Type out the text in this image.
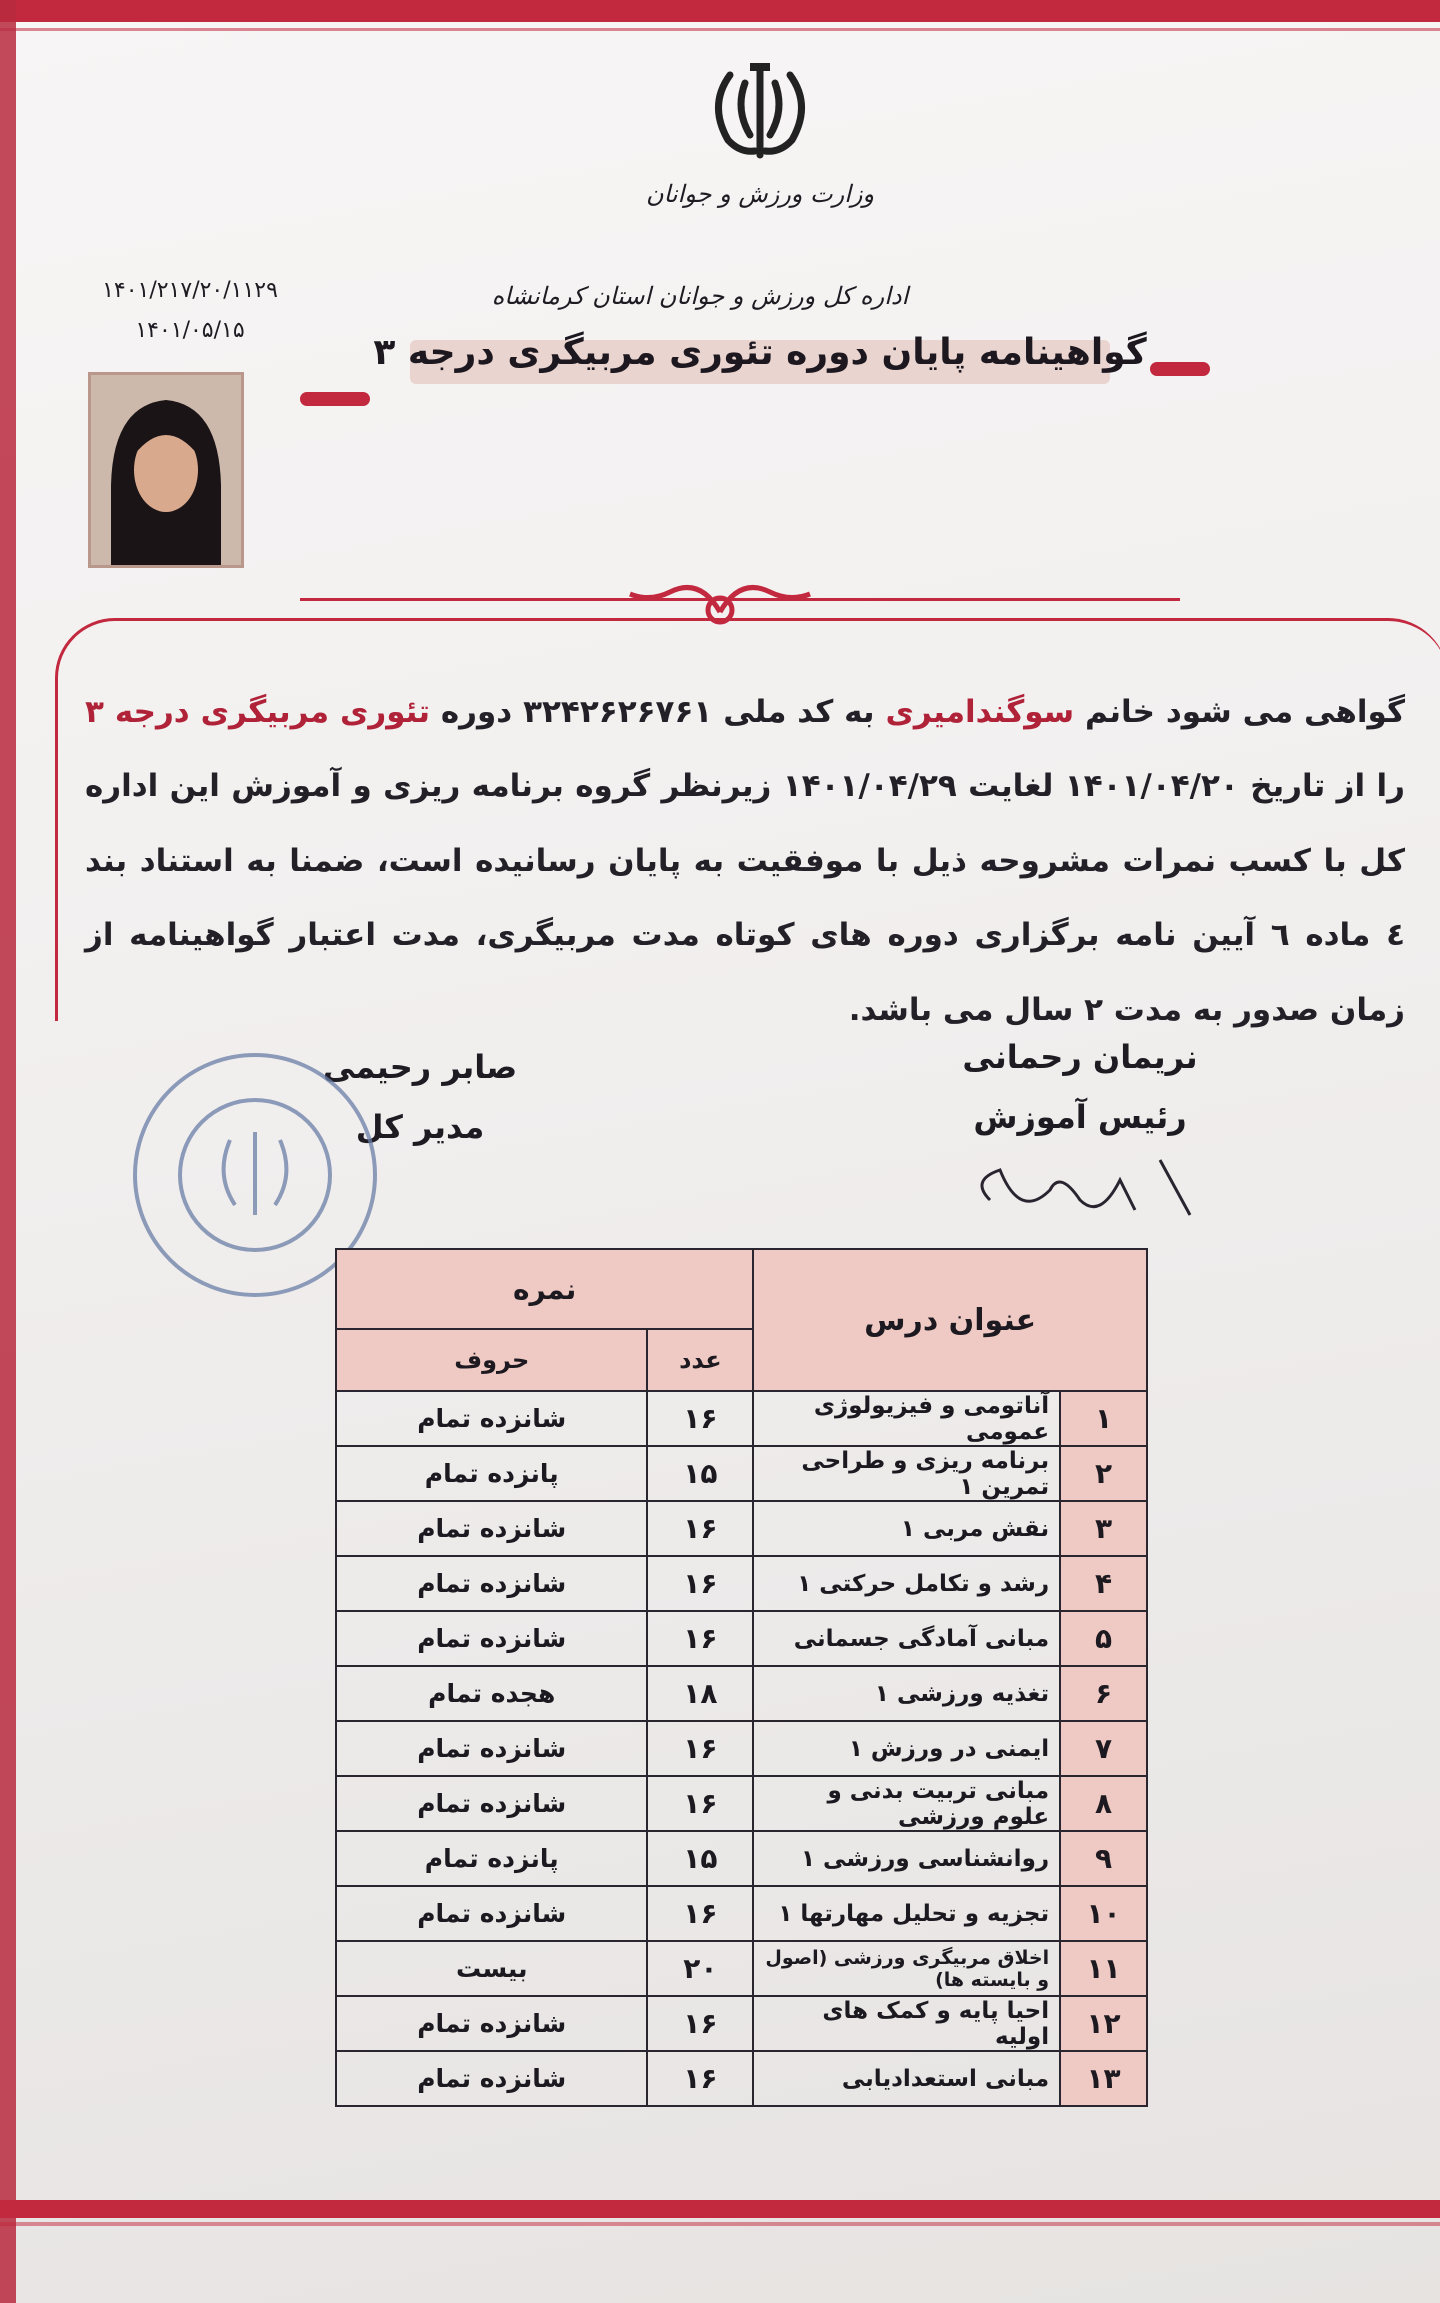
وزارت ورزش و جوانان
اداره کل ورزش و جوانان استان کرمانشاه
۱۴۰۱/۲۱۷/۲۰/۱۱۲۹
۱۴۰۱/۰۵/۱۵
گواهینامه پایان دوره تئوری مربیگری درجه ۳
گواهی می شود خانم سوگندامیری به کد ملی ۳۲۴۲۶۲۶۷۶۱ دوره تئوری مربیگری درجه ۳ را از تاریخ ۱۴۰۱/۰۴/۲۰ لغایت ۱۴۰۱/۰۴/۲۹ زیرنظر گروه برنامه ریزی و آموزش این اداره کل با کسب نمرات مشروحه ذیل با موفقیت به پایان رسانیده است، ضمنا به استناد بند ٤ ماده ٦ آیین نامه برگزاری دوره های کوتاه مدت مربیگری، مدت اعتبار گواهینامه از زمان صدور به مدت ۲ سال می باشد.
نریمان رحمانی
رئیس آموزش
صابر رحیمی
مدیر کل
عنوان درس		نمره	
		عدد	حروف
۱	آناتومی و فیزیولوژی عمومی	۱۶	شانزده تمام
۲	برنامه ریزی و طراحی تمرین ۱	۱۵	پانزده تمام
۳	نقش مربی ۱	۱۶	شانزده تمام
۴	رشد و تکامل حرکتی ۱	۱۶	شانزده تمام
۵	مبانی آمادگی جسمانی	۱۶	شانزده تمام
۶	تغذیه ورزشی ۱	۱۸	هجده تمام
۷	ایمنی در ورزش ۱	۱۶	شانزده تمام
۸	مبانی تربیت بدنی و علوم ورزشی	۱۶	شانزده تمام
۹	روانشناسی ورزشی ۱	۱۵	پانزده تمام
۱۰	تجزیه و تحلیل مهارتها ۱	۱۶	شانزده تمام
۱۱	اخلاق مربیگری ورزشی (اصول و بایسته ها)	۲۰	بیست
۱۲	احیا پایه و کمک های اولیه	۱۶	شانزده تمام
۱۳	مبانی استعدادیابی	۱۶	شانزده تمام
